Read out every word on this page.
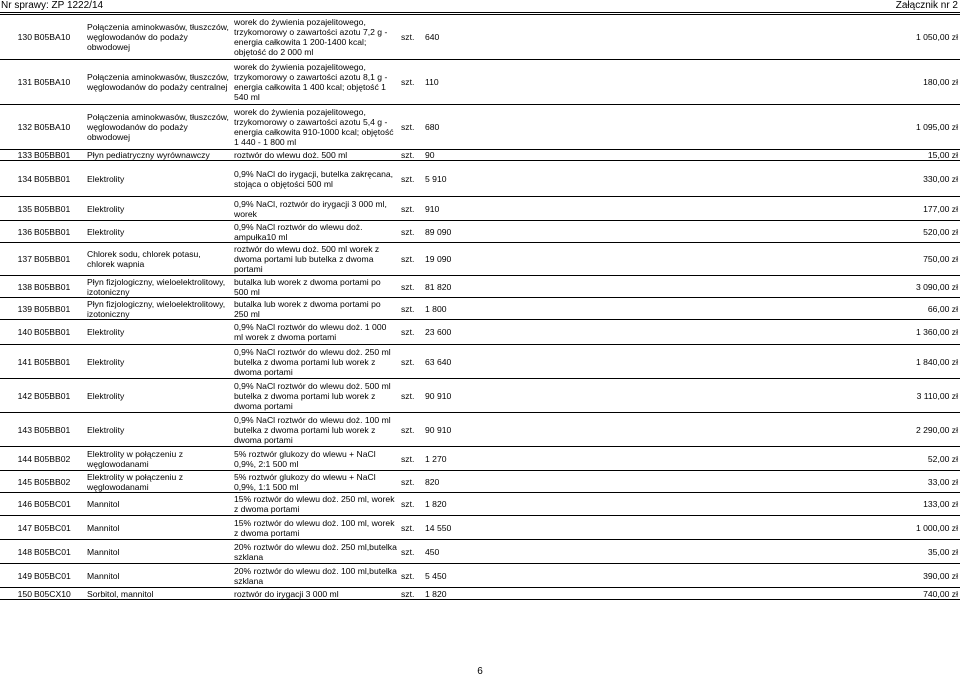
Nr sprawy: ZP 1222/14	Załącznik nr 2
130	B05BA10	Połączenia aminokwasów, tłuszczów, węglowodanów do podaży obwodowej	worek do żywienia pozajelitowego, trzykomorowy o zawartości azotu 7,2 g - energia całkowita 1 200-1400 kcal; objętość do 2 000 ml	szt.	640	1 050,00 zł
131	B05BA10	Połączenia aminokwasów, tłuszczów, węglowodanów do podaży centralnej	worek do żywienia pozajelitowego, trzykomorowy o zawartości azotu 8,1 g - energia całkowita 1 400 kcal; objętość 1 540 ml	szt.	110	180,00 zł
132	B05BA10	Połączenia aminokwasów, tłuszczów, węglowodanów do podaży obwodowej	worek do żywienia pozajelitowego, trzykomorowy o zawartości azotu 5,4 g - energia całkowita 910-1000 kcal; objętość 1 440 - 1 800 ml	szt.	680	1 095,00 zł
133	B05BB01	Płyn pediatryczny wyrównawczy	roztwór do wlewu doż. 500 ml	szt.	90	15,00 zł
134	B05BB01	Elektrolity	0,9% NaCl do irygacji, butelka zakręcana, stojąca o objętości 500 ml	szt.	5 910	330,00 zł
135	B05BB01	Elektrolity	0,9% NaCl, roztwór do irygacji 3 000 ml, worek	szt.	910	177,00 zł
136	B05BB01	Elektrolity	0,9% NaCl roztwór do wlewu doż. ampułka10 ml	szt.	89 090	520,00 zł
137	B05BB01	Chlorek sodu, chlorek potasu, chlorek wapnia	roztwór do wlewu doż. 500 ml worek z dwoma portami lub butelka z dwoma portami	szt.	19 090	750,00 zł
138	B05BB01	Płyn fizjologiczny, wieloelektrolitowy, izotoniczny	butalka lub worek z dwoma portami po 500 ml	szt.	81 820	3 090,00 zł
139	B05BB01	Płyn fizjologiczny, wieloelektrolitowy, izotoniczny	butalka lub worek z dwoma portami po 250 ml	szt.	1 800	66,00 zł
140	B05BB01	Elektrolity	0,9% NaCl roztwór do wlewu doż. 1 000 ml worek z dwoma portami	szt.	23 600	1 360,00 zł
141	B05BB01	Elektrolity	0,9% NaCl roztwór do wlewu doż. 250 ml butelka z dwoma portami lub worek z dwoma portami	szt.	63 640	1 840,00 zł
142	B05BB01	Elektrolity	0,9% NaCl roztwór do wlewu doż. 500 ml butelka z dwoma portami lub worek z dwoma portami	szt.	90 910	3 110,00 zł
143	B05BB01	Elektrolity	0,9% NaCl roztwór do wlewu doż. 100 ml butelka z dwoma portami lub worek z dwoma portami	szt.	90 910	2 290,00 zł
144	B05BB02	Elektrolity w połączeniu z węglowodanami	5% roztwór glukozy do wlewu + NaCl 0,9%, 2:1 500 ml	szt.	1 270	52,00 zł
145	B05BB02	Elektrolity w połączeniu z węglowodanami	5% roztwór glukozy do wlewu + NaCl 0,9%, 1:1 500 ml	szt.	820	33,00 zł
146	B05BC01	Mannitol	15% roztwór do wlewu doż. 250 ml, worek z dwoma portami	szt.	1 820	133,00 zł
147	B05BC01	Mannitol	15% roztwór do wlewu doż. 100 ml, worek z dwoma portami	szt.	14 550	1 000,00 zł
148	B05BC01	Mannitol	20% roztwór do wlewu doż. 250 ml,butelka szklana	szt.	450	35,00 zł
149	B05BC01	Mannitol	20% roztwór do wlewu doż. 100 ml,butelka szklana	szt.	5 450	390,00 zł
150	B05CX10	Sorbitol, mannitol	roztwór do irygacji 3 000 ml	szt.	1 820	740,00 zł
6
